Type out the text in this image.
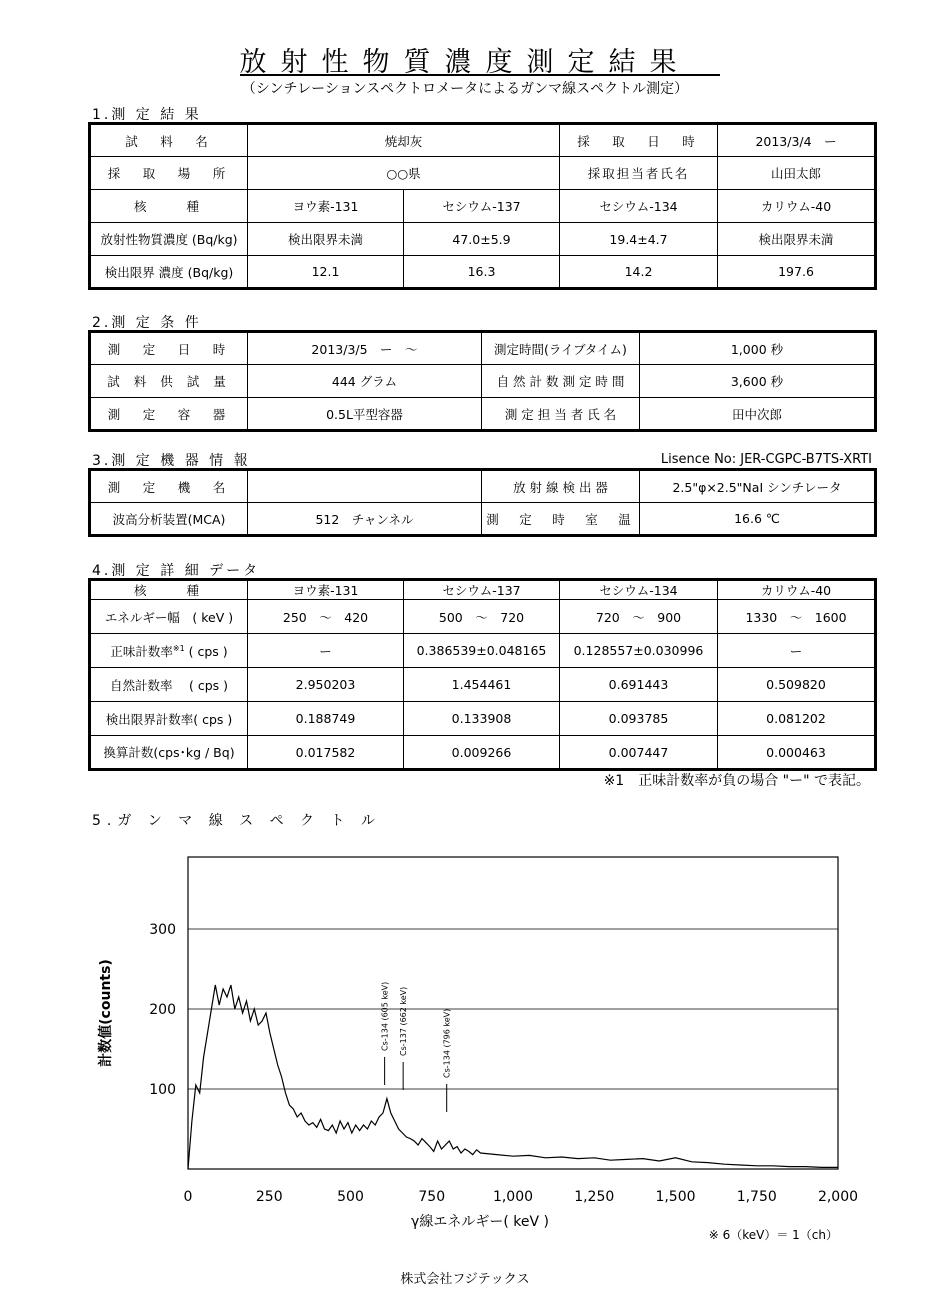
放射性物質濃度測定結果
（シンチレーションスペクトロメータによるガンマ線スペクトル測定）
1.測 定 結 果
試　料　名	焼却灰		採　取　日　時	2013/3/4　ー
採　取　場　所	○○県		採取担当者氏名	山田太郎
核　　種	ヨウ素-131	セシウム-137	セシウム-134	カリウム-40
放射性物質濃度 (Bq/kg)	検出限界未満	47.0±5.9	19.4±4.7	検出限界未満
検出限界 濃度 (Bq/kg)	12.1	16.3	14.2	197.6
2.測 定 条 件
測　定　日　時	2013/3/5　ー　～	測定時間(ライブタイム)	1,000 秒
試 料 供 試 量	444 グラム	自 然 計 数 測 定 時 間	3,600 秒
測　定　容　器	0.5L平型容器	測 定 担 当 者 氏 名	田中次郎
3.測 定 機 器 情 報	Lisence No: JER-CGPC-B7TS-XRTI
測　定　機　名		放 射 線 検 出 器	2.5"φ×2.5"NaI シンチレータ
波高分析装置(MCA)	512　チャンネル	測　定　時　室　温	16.6 ℃
4.測 定 詳 細 データ
核　　種	ヨウ素-131	セシウム-137	セシウム-134	カリウム-40
エネルギー幅　( keV )	250　～　420	500　～　720	720　～　900	1330　～　1600
正味計数率$^{※1}$ ( cps )	ー	0.386539±0.048165	0.128557±0.030996	ー
自然計数率　 ( cps )	2.950203	1.454461	0.691443	0.509820
検出限界計数率( cps )	0.188749	0.133908	0.093785	0.081202
換算計数(cps･kg / Bq)	0.017582	0.009266	0.007447	0.000463
※1　正味計数率が負の場合 "ー" で表記。
5.ガ ン マ 線 ス ペ ク ト ル
100
200
300
0	250	500	750	1,000	1,250	1,500	1,750	2,000
Cs-134 (605 keV) Cs-137 (662 keV)	Cs-134 (796 keV)
γ線エネルギー( keV )
計数値(counts)
※ 6（keV）＝ 1（ch）
株式会社フジテックス
